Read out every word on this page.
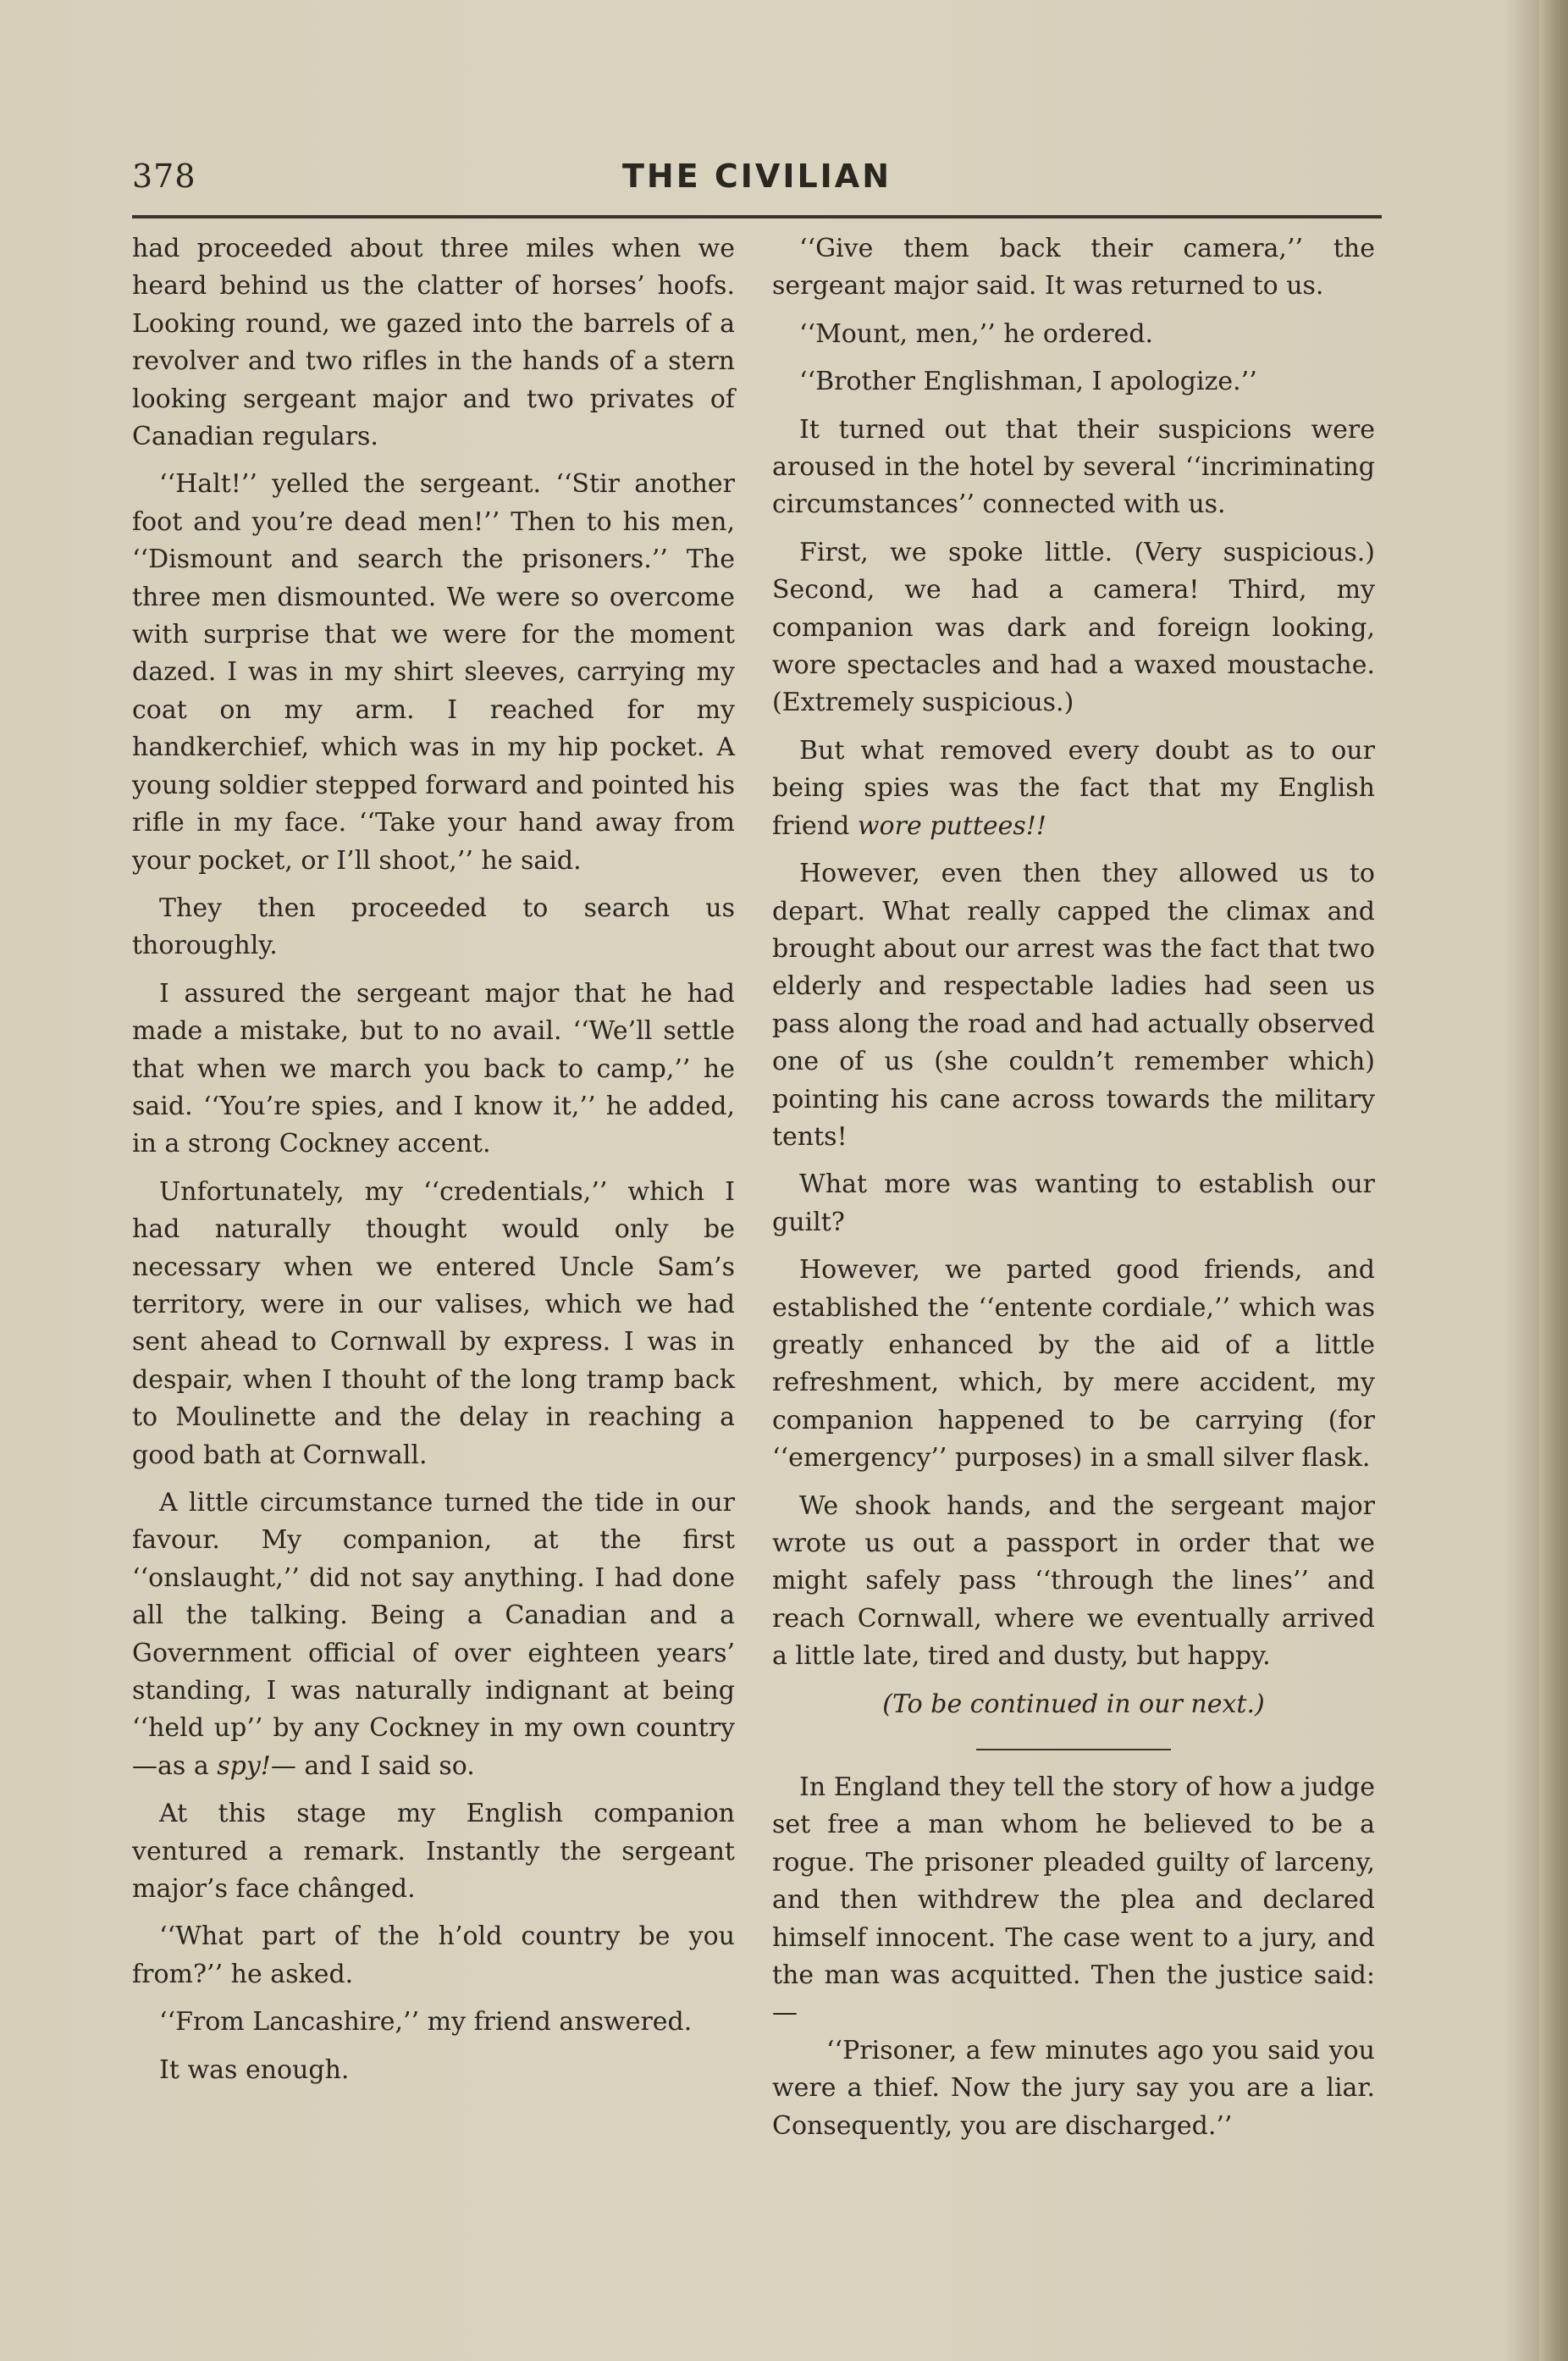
378	THE CIVILIAN

had proceeded about three miles when we heard behind us the clatter of horses’ hoofs. Looking round, we gazed into the barrels of a revolver and two rifles in the hands of a stern looking sergeant major and two privates of Canadian regulars.

‘‘Halt!’’ yelled the sergeant. ‘‘Stir another foot and you’re dead men!’’ Then to his men, ‘‘Dismount and search the prisoners.’’ The three men dismounted. We were so overcome with surprise that we were for the moment dazed. I was in my shirt sleeves, carrying my coat on my arm. I reached for my handkerchief, which was in my hip pocket. A young soldier stepped forward and pointed his rifle in my face. ‘‘Take your hand away from your pocket, or I’ll shoot,’’ he said.

They then proceeded to search us thoroughly.

I assured the sergeant major that he had made a mistake, but to no avail. ‘‘We’ll settle that when we march you back to camp,’’ he said. ‘‘You’re spies, and I know it,’’ he added, in a strong Cockney accent.

Unfortunately, my ‘‘credentials,’’ which I had naturally thought would only be necessary when we entered Uncle Sam’s territory, were in our valises, which we had sent ahead to Cornwall by express. I was in despair, when I thouht of the long tramp back to Moulinette and the delay in reaching a good bath at Cornwall.

A little circumstance turned the tide in our favour. My companion, at the first ‘‘onslaught,’’ did not say anything. I had done all the talking. Being a Canadian and a Government official of over eighteen years’ standing, I was naturally indignant at being ‘‘held up’’ by any Cockney in my own country—as a spy!— and I said so.

At this stage my English companion ventured a remark. Instantly the sergeant major’s face chânged.

‘‘What part of the h’old country be you from?’’ he asked.

‘‘From Lancashire,’’ my friend answered.

It was enough.

‘‘Give them back their camera,’’ the sergeant major said. It was returned to us.

‘‘Mount, men,’’ he ordered.

‘‘Brother Englishman, I apologize.’’

It turned out that their suspicions were aroused in the hotel by several ‘‘incriminating circumstances’’ connected with us.

First, we spoke little. (Very suspicious.) Second, we had a camera! Third, my companion was dark and foreign looking, wore spectacles and had a waxed moustache. (Extremely suspicious.)

But what removed every doubt as to our being spies was the fact that my English friend wore puttees!!

However, even then they allowed us to depart. What really capped the climax and brought about our arrest was the fact that two elderly and respectable ladies had seen us pass along the road and had actually observed one of us (she couldn’t remember which) pointing his cane across towards the military tents!

What more was wanting to establish our guilt?

However, we parted good friends, and established the ‘‘entente cordiale,’’ which was greatly enhanced by the aid of a little refreshment, which, by mere accident, my companion happened to be carrying (for ‘‘emergency’’ purposes) in a small silver flask.

We shook hands, and the sergeant major wrote us out a passport in order that we might safely pass ‘‘through the lines’’ and reach Cornwall, where we eventually arrived a little late, tired and dusty, but happy.

(To be continued in our next.)

In England they tell the story of how a judge set free a man whom he believed to be a rogue. The prisoner pleaded guilty of larceny, and then withdrew the plea and declared himself innocent. The case went to a jury, and the man was acquitted. Then the justice said:—

‘‘Prisoner, a few minutes ago you said you were a thief. Now the jury say you are a liar. Consequently, you are discharged.’’
